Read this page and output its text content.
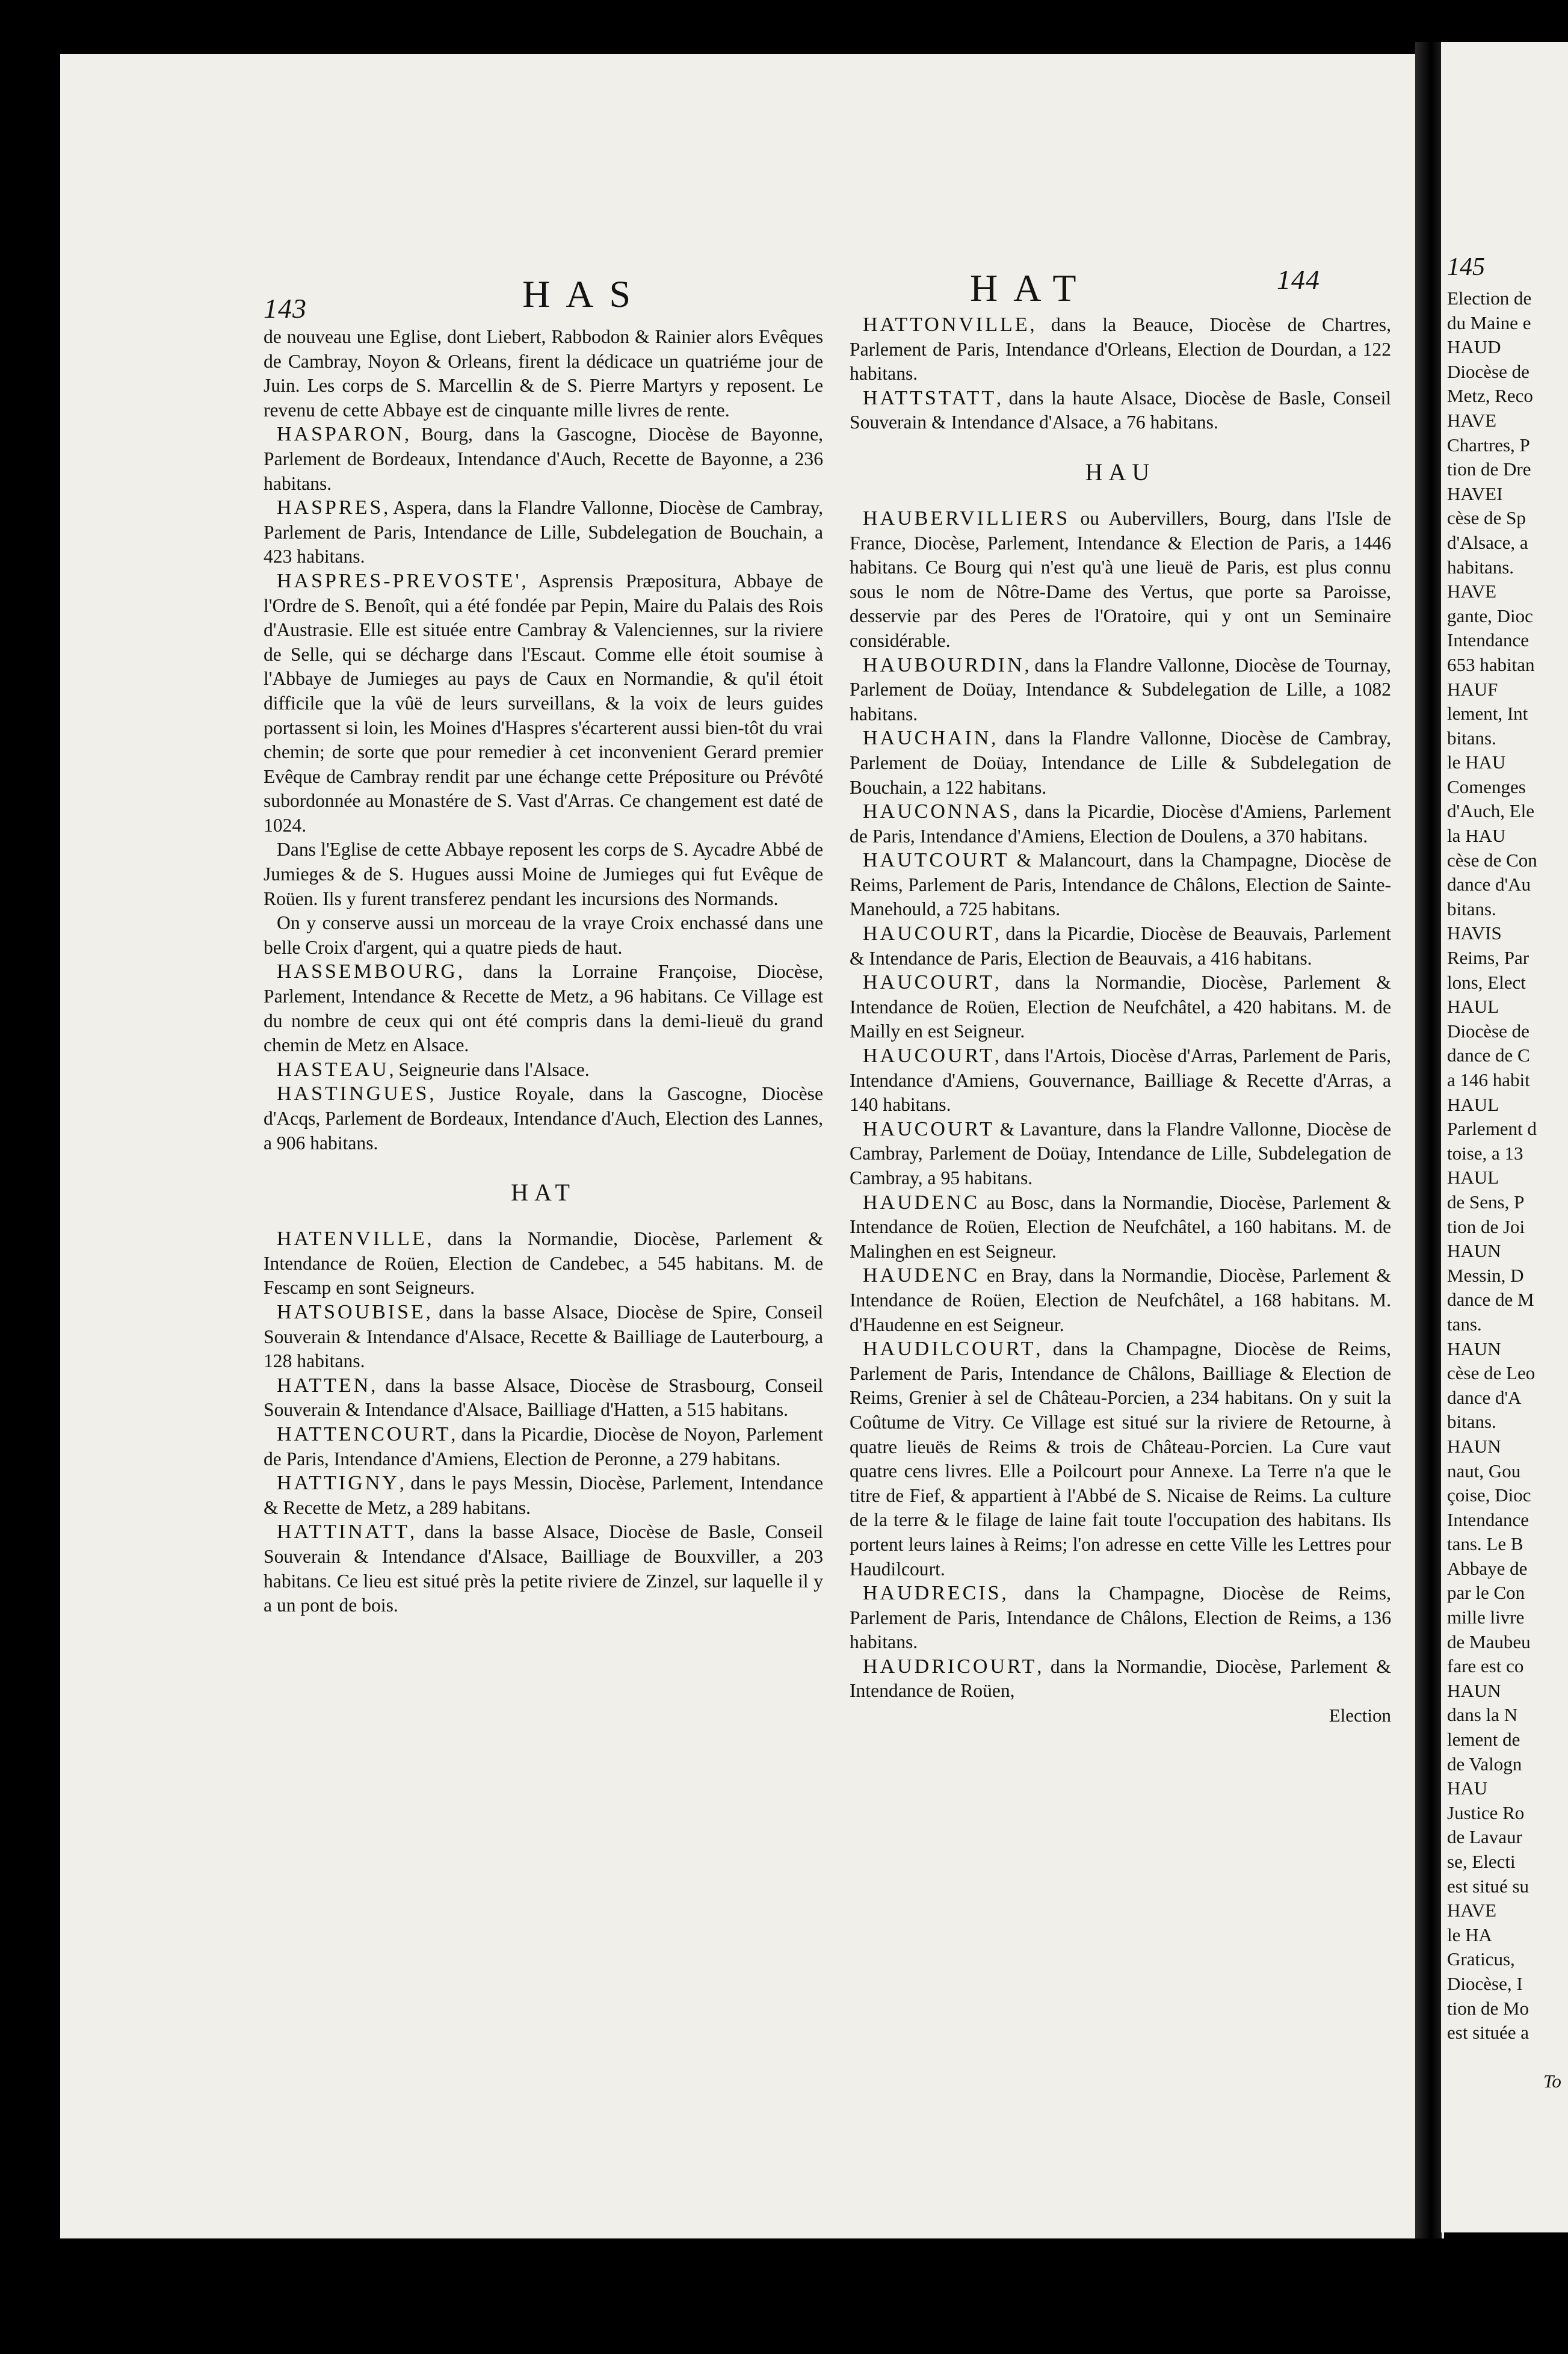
145
Election de
du Maine e
HAUD
Diocèse de
Metz, Reco
HAVE
Chartres, P
tion de Dre
HAVEI
cèse de Sp
d'Alsace, a
habitans.
HAVE
gante, Dioc
Intendance
653 habitan
HAUF
lement, Int
bitans.
le HAU
Comenges
d'Auch, Ele
la HAU
cèse de Con
dance d'Au
bitans.
HAVIS
Reims, Par
lons, Elect
HAUL
Diocèse de
dance de C
a 146 habit
HAUL
Parlement d
toise, a 13
HAUL
de Sens, P
tion de Joi
HAUN
Messin, D
dance de M
tans.
HAUN
cèse de Leo
dance d'A
bitans.
HAUN
naut, Gou
çoise, Dioc
Intendance
tans. Le B
Abbaye de
par le Con
mille livre
de Maubeu
fare est co
HAUN
dans la N
lement de
de Valogn
HAU
Justice Ro
de Lavaur
se, Electi
est situé su
HAVE
le HA
Graticus,
Diocèse, I
tion de Mo
est située a
To
143	HAS

de nouveau une Eglise, dont Liebert, Rabbodon & Rainier alors Evêques de Cambray, Noyon & Orleans, firent la dédicace un quatriéme jour de Juin. Les corps de S. Marcellin & de S. Pierre Martyrs y reposent. Le revenu de cette Abbaye est de cinquante mille livres de rente.

HASPARON, Bourg, dans la Gascogne, Diocèse de Bayonne, Parlement de Bordeaux, Intendance d'Auch, Recette de Bayonne, a 236 habitans.

HASPRES, Aspera, dans la Flandre Vallonne, Diocèse de Cambray, Parlement de Paris, Intendance de Lille, Subdelegation de Bouchain, a 423 habitans.

HASPRES-PREVOSTE', Asprensis Præpositura, Abbaye de l'Ordre de S. Benoît, qui a été fondée par Pepin, Maire du Palais des Rois d'Austrasie. Elle est située entre Cambray & Valenciennes, sur la riviere de Selle, qui se décharge dans l'Escaut. Comme elle étoit soumise à l'Abbaye de Jumieges au pays de Caux en Normandie, & qu'il étoit difficile que la vûë de leurs surveillans, & la voix de leurs guides portassent si loin, les Moines d'Haspres s'écarterent aussi bien-tôt du vrai chemin; de sorte que pour remedier à cet inconvenient Gerard premier Evêque de Cambray rendit par une échange cette Prépositure ou Prévôté subordonnée au Monastére de S. Vast d'Arras. Ce changement est daté de 1024.

Dans l'Eglise de cette Abbaye reposent les corps de S. Aycadre Abbé de Jumieges & de S. Hugues aussi Moine de Jumieges qui fut Evêque de Roüen. Ils y furent transferez pendant les incursions des Normands.

On y conserve aussi un morceau de la vraye Croix enchassé dans une belle Croix d'argent, qui a quatre pieds de haut.

HASSEMBOURG, dans la Lorraine Françoise, Diocèse, Parlement, Intendance & Recette de Metz, a 96 habitans. Ce Village est du nombre de ceux qui ont été compris dans la demi-lieuë du grand chemin de Metz en Alsace.

HASTEAU, Seigneurie dans l'Alsace.

HASTINGUES, Justice Royale, dans la Gascogne, Diocèse d'Acqs, Parlement de Bordeaux, Intendance d'Auch, Election des Lannes, a 906 habitans.

HAT

HATENVILLE, dans la Normandie, Diocèse, Parlement & Intendance de Roüen, Election de Candebec, a 545 habitans. M. de Fescamp en sont Seigneurs.

HATSOUBISE, dans la basse Alsace, Diocèse de Spire, Conseil Souverain & Intendance d'Alsace, Recette & Bailliage de Lauterbourg, a 128 habitans.

HATTEN, dans la basse Alsace, Diocèse de Strasbourg, Conseil Souverain & Intendance d'Alsace, Bailliage d'Hatten, a 515 habitans.

HATTENCOURT, dans la Picardie, Diocèse de Noyon, Parlement de Paris, Intendance d'Amiens, Election de Peronne, a 279 habitans.

HATTIGNY, dans le pays Messin, Diocèse, Parlement, Intendance & Recette de Metz, a 289 habitans.

HATTINATT, dans la basse Alsace, Diocèse de Basle, Conseil Souverain & Intendance d'Alsace, Bailliage de Bouxviller, a 203 habitans. Ce lieu est situé près la petite riviere de Zinzel, sur laquelle il y a un pont de bois.

HAT	144

HATTONVILLE, dans la Beauce, Diocèse de Chartres, Parlement de Paris, Intendance d'Orleans, Election de Dourdan, a 122 habitans.

HATTSTATT, dans la haute Alsace, Diocèse de Basle, Conseil Souverain & Intendance d'Alsace, a 76 habitans.

HAU

HAUBERVILLIERS ou Aubervillers, Bourg, dans l'Isle de France, Diocèse, Parlement, Intendance & Election de Paris, a 1446 habitans. Ce Bourg qui n'est qu'à une lieuë de Paris, est plus connu sous le nom de Nôtre-Dame des Vertus, que porte sa Paroisse, desservie par des Peres de l'Oratoire, qui y ont un Seminaire considérable.

HAUBOURDIN, dans la Flandre Vallonne, Diocèse de Tournay, Parlement de Doüay, Intendance & Subdelegation de Lille, a 1082 habitans.

HAUCHAIN, dans la Flandre Vallonne, Diocèse de Cambray, Parlement de Doüay, Intendance de Lille & Subdelegation de Bouchain, a 122 habitans.

HAUCONNAS, dans la Picardie, Diocèse d'Amiens, Parlement de Paris, Intendance d'Amiens, Election de Doulens, a 370 habitans.

HAUTCOURT & Malancourt, dans la Champagne, Diocèse de Reims, Parlement de Paris, Intendance de Châlons, Election de Sainte-Manehould, a 725 habitans.

HAUCOURT, dans la Picardie, Diocèse de Beauvais, Parlement & Intendance de Paris, Election de Beauvais, a 416 habitans.

HAUCOURT, dans la Normandie, Diocèse, Parlement & Intendance de Roüen, Election de Neufchâtel, a 420 habitans. M. de Mailly en est Seigneur.

HAUCOURT, dans l'Artois, Diocèse d'Arras, Parlement de Paris, Intendance d'Amiens, Gouvernance, Bailliage & Recette d'Arras, a 140 habitans.

HAUCOURT & Lavanture, dans la Flandre Vallonne, Diocèse de Cambray, Parlement de Doüay, Intendance de Lille, Subdelegation de Cambray, a 95 habitans.

HAUDENC au Bosc, dans la Normandie, Diocèse, Parlement & Intendance de Roüen, Election de Neufchâtel, a 160 habitans. M. de Malinghen en est Seigneur.

HAUDENC en Bray, dans la Normandie, Diocèse, Parlement & Intendance de Roüen, Election de Neufchâtel, a 168 habitans. M. d'Haudenne en est Seigneur.

HAUDILCOURT, dans la Champagne, Diocèse de Reims, Parlement de Paris, Intendance de Châlons, Bailliage & Election de Reims, Grenier à sel de Château-Porcien, a 234 habitans. On y suit la Coûtume de Vitry. Ce Village est situé sur la riviere de Retourne, à quatre lieuës de Reims & trois de Château-Porcien. La Cure vaut quatre cens livres. Elle a Poilcourt pour Annexe. La Terre n'a que le titre de Fief, & appartient à l'Abbé de S. Nicaise de Reims. La culture de la terre & le filage de laine fait toute l'occupation des habitans. Ils portent leurs laines à Reims; l'on adresse en cette Ville les Lettres pour Haudilcourt.

HAUDRECIS, dans la Champagne, Diocèse de Reims, Parlement de Paris, Intendance de Châlons, Election de Reims, a 136 habitans.

HAUDRICOURT, dans la Normandie, Diocèse, Parlement & Intendance de Roüen,

Election
